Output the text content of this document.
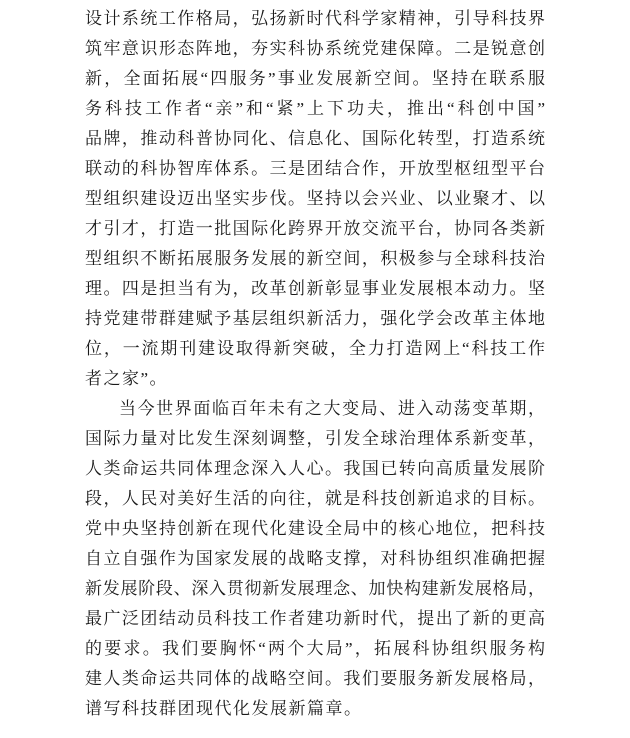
设计系统工作格局，弘扬新时代科学家精神，引导科技界
筑牢意识形态阵地，夯实科协系统党建保障。二是锐意创
新，全面拓展“四服务”事业发展新空间。坚持在联系服
务科技工作者“亲”和“紧”上下功夫，推出“科创中国”
品牌，推动科普协同化、信息化、国际化转型，打造系统
联动的科协智库体系。三是团结合作，开放型枢纽型平台
型组织建设迈出坚实步伐。坚持以会兴业、以业聚才、以
才引才，打造一批国际化跨界开放交流平台，协同各类新
型组织不断拓展服务发展的新空间，积极参与全球科技治
理。四是担当有为，改革创新彰显事业发展根本动力。坚
持党建带群建赋予基层组织新活力，强化学会改革主体地
位，一流期刊建设取得新突破，全力打造网上“科技工作
者之家”。
当今世界面临百年未有之大变局、进入动荡变革期，
国际力量对比发生深刻调整，引发全球治理体系新变革，
人类命运共同体理念深入人心。我国已转向高质量发展阶
段，人民对美好生活的向往，就是科技创新追求的目标。
党中央坚持创新在现代化建设全局中的核心地位，把科技
自立自强作为国家发展的战略支撑，对科协组织准确把握
新发展阶段、深入贯彻新发展理念、加快构建新发展格局，
最广泛团结动员科技工作者建功新时代，提出了新的更高
的要求。我们要胸怀“两个大局”，拓展科协组织服务构
建人类命运共同体的战略空间。我们要服务新发展格局，
谱写科技群团现代化发展新篇章。
